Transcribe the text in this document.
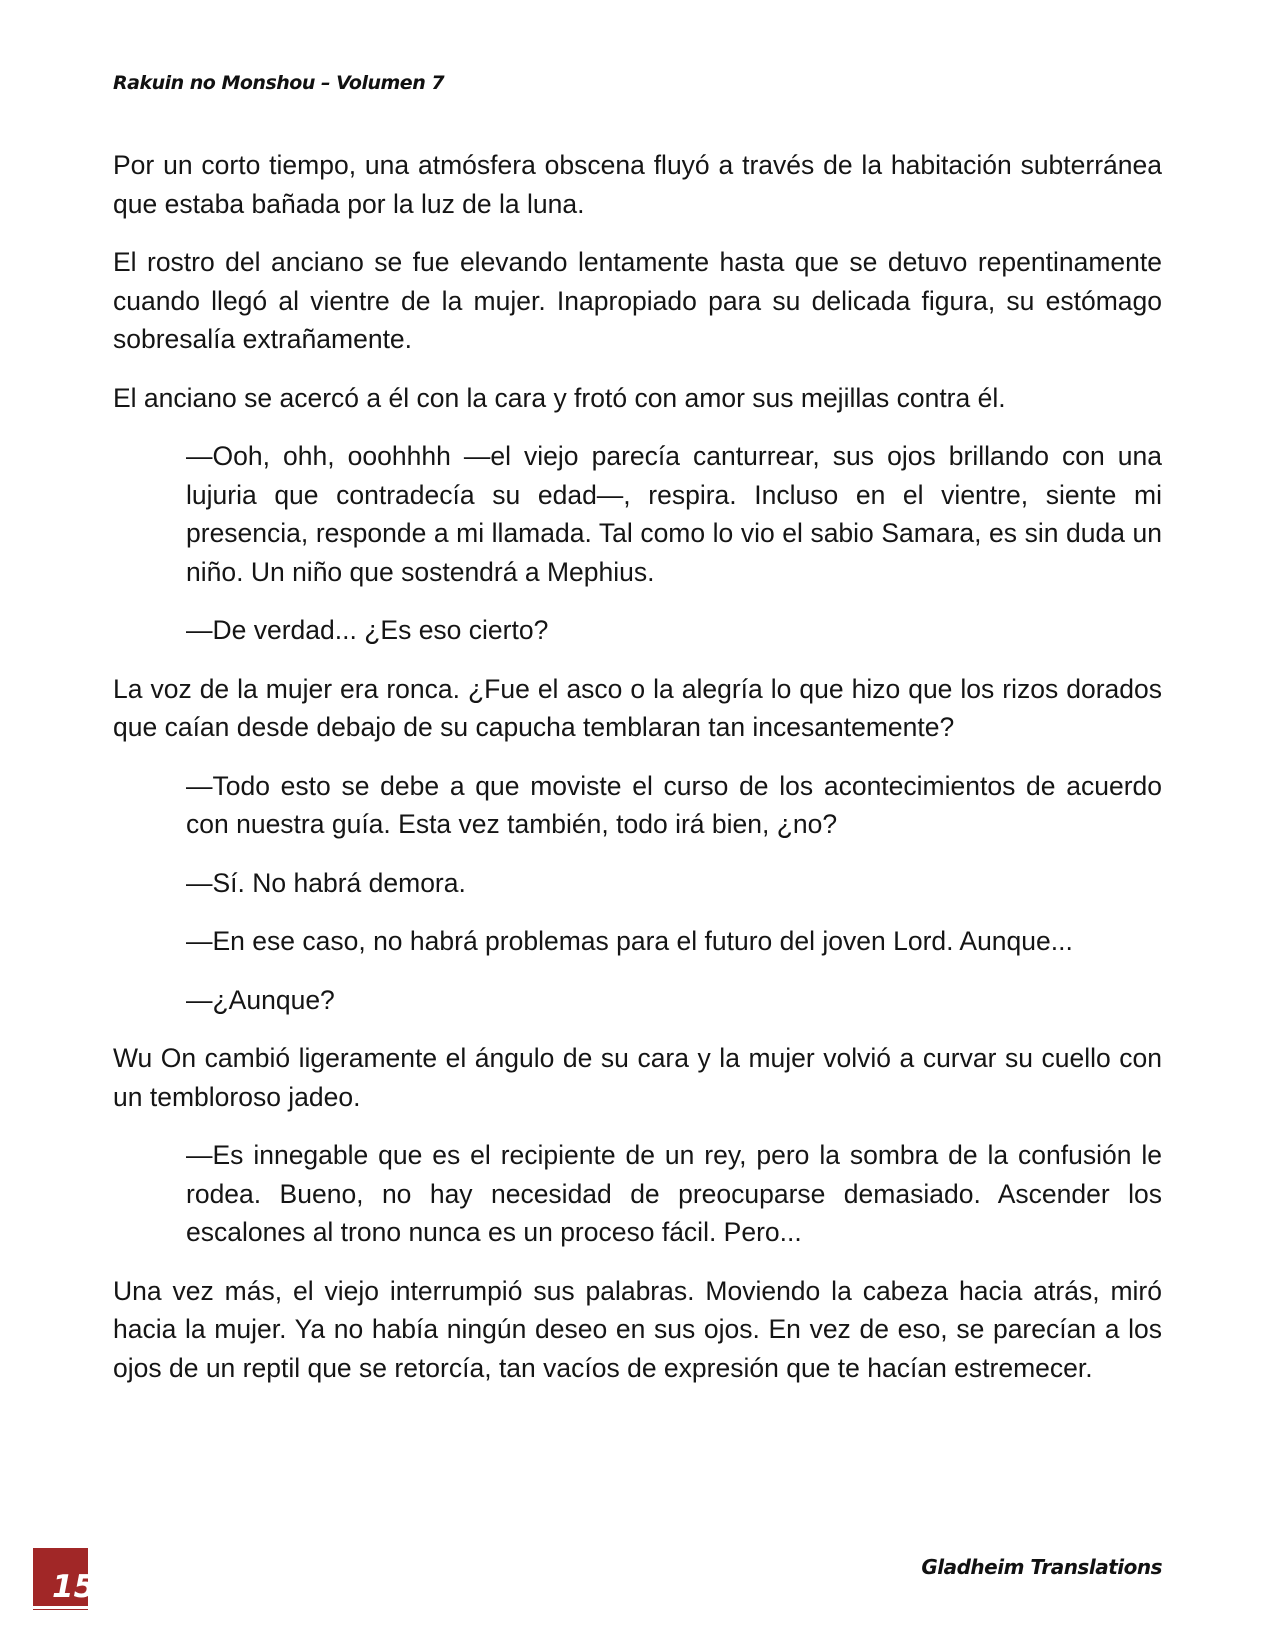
Rakuin no Monshou – Volumen 7

Por un corto tiempo, una atmósfera obscena fluyó a través de la habitación subterránea que estaba bañada por la luz de la luna.

El rostro del anciano se fue elevando lentamente hasta que se detuvo repentinamente cuando llegó al vientre de la mujer. Inapropiado para su delicada figura, su estómago sobresalía extrañamente.

El anciano se acercó a él con la cara y frotó con amor sus mejillas contra él.

—Ooh, ohh, ooohhhh —el viejo parecía canturrear, sus ojos brillando con una lujuria que contradecía su edad—, respira. Incluso en el vientre, siente mi presencia, responde a mi llamada. Tal como lo vio el sabio Samara, es sin duda un niño. Un niño que sostendrá a Mephius.

—De verdad... ¿Es eso cierto?

La voz de la mujer era ronca. ¿Fue el asco o la alegría lo que hizo que los rizos dorados que caían desde debajo de su capucha temblaran tan incesantemente?

—Todo esto se debe a que moviste el curso de los acontecimientos de acuerdo con nuestra guía. Esta vez también, todo irá bien, ¿no?

—Sí. No habrá demora.

—En ese caso, no habrá problemas para el futuro del joven Lord. Aunque...

—¿Aunque?

Wu On cambió ligeramente el ángulo de su cara y la mujer volvió a curvar su cuello con un tembloroso jadeo.

—Es innegable que es el recipiente de un rey, pero la sombra de la confusión le rodea. Bueno, no hay necesidad de preocuparse demasiado. Ascender los escalones al trono nunca es un proceso fácil. Pero...

Una vez más, el viejo interrumpió sus palabras. Moviendo la cabeza hacia atrás, miró hacia la mujer. Ya no había ningún deseo en sus ojos. En vez de eso, se parecían a los ojos de un reptil que se retorcía, tan vacíos de expresión que te hacían estremecer.

15
Gladheim Translations
